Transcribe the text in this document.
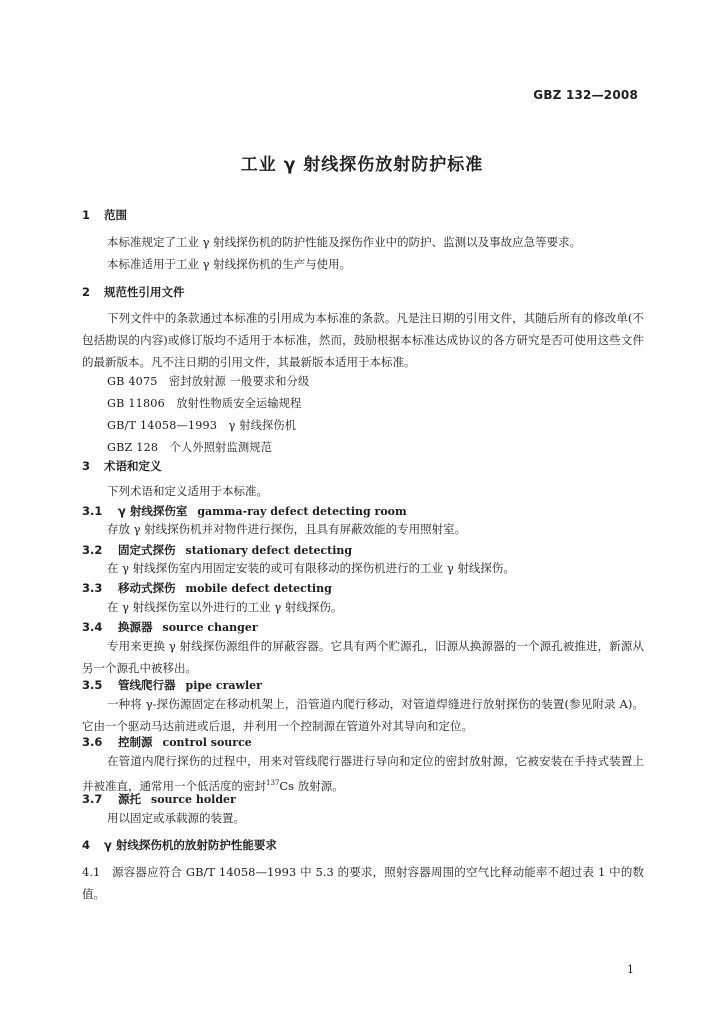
GBZ 132—2008
工业 γ 射线探伤放射防护标准
1 范围
本标准规定了工业 γ 射线探伤机的防护性能及探伤作业中的防护、监测以及事故应急等要求。
本标准适用于工业 γ 射线探伤机的生产与使用。
2 规范性引用文件
下列文件中的条款通过本标准的引用成为本标准的条款。凡是注日期的引用文件，其随后所有的修改单(不包括勘误的内容)或修订版均不适用于本标准，然而，鼓励根据本标准达成协议的各方研究是否可使用这些文件的最新版本。凡不注日期的引用文件，其最新版本适用于本标准。
GB 4075　密封放射源 一般要求和分级
GB 11806　放射性物质安全运输规程
GB/T 14058—1993　γ 射线探伤机
GBZ 128　个人外照射监测规范
3 术语和定义
下列术语和定义适用于本标准。
3.1 γ 射线探伤室 gamma-ray defect detecting room
存放 γ 射线探伤机并对物件进行探伤，且具有屏蔽效能的专用照射室。
3.2 固定式探伤 stationary defect detecting
在 γ 射线探伤室内用固定安装的或可有限移动的探伤机进行的工业 γ 射线探伤。
3.3 移动式探伤 mobile defect detecting
在 γ 射线探伤室以外进行的工业 γ 射线探伤。
3.4 换源器 source changer
专用来更换 γ 射线探伤源组件的屏蔽容器。它具有两个贮源孔，旧源从换源器的一个源孔被推进，新源从另一个源孔中被移出。
3.5 管线爬行器 pipe crawler
一种将 γ-探伤源固定在移动机架上，沿管道内爬行移动，对管道焊缝进行放射探伤的装置(参见附录 A)。它由一个驱动马达前进或后退，并利用一个控制源在管道外对其导向和定位。
3.6 控制源 control source
在管道内爬行探伤的过程中，用来对管线爬行器进行导向和定位的密封放射源，它被安装在手持式装置上并被准直，通常用一个低活度的密封$^{137}$Cs 放射源。
3.7 源托 source holder
用以固定或承载源的装置。
4 γ 射线探伤机的放射防护性能要求
4.1　源容器应符合 GB/T 14058—1993 中 5.3 的要求，照射容器周围的空气比释动能率不超过表 1 中的数值。
1
